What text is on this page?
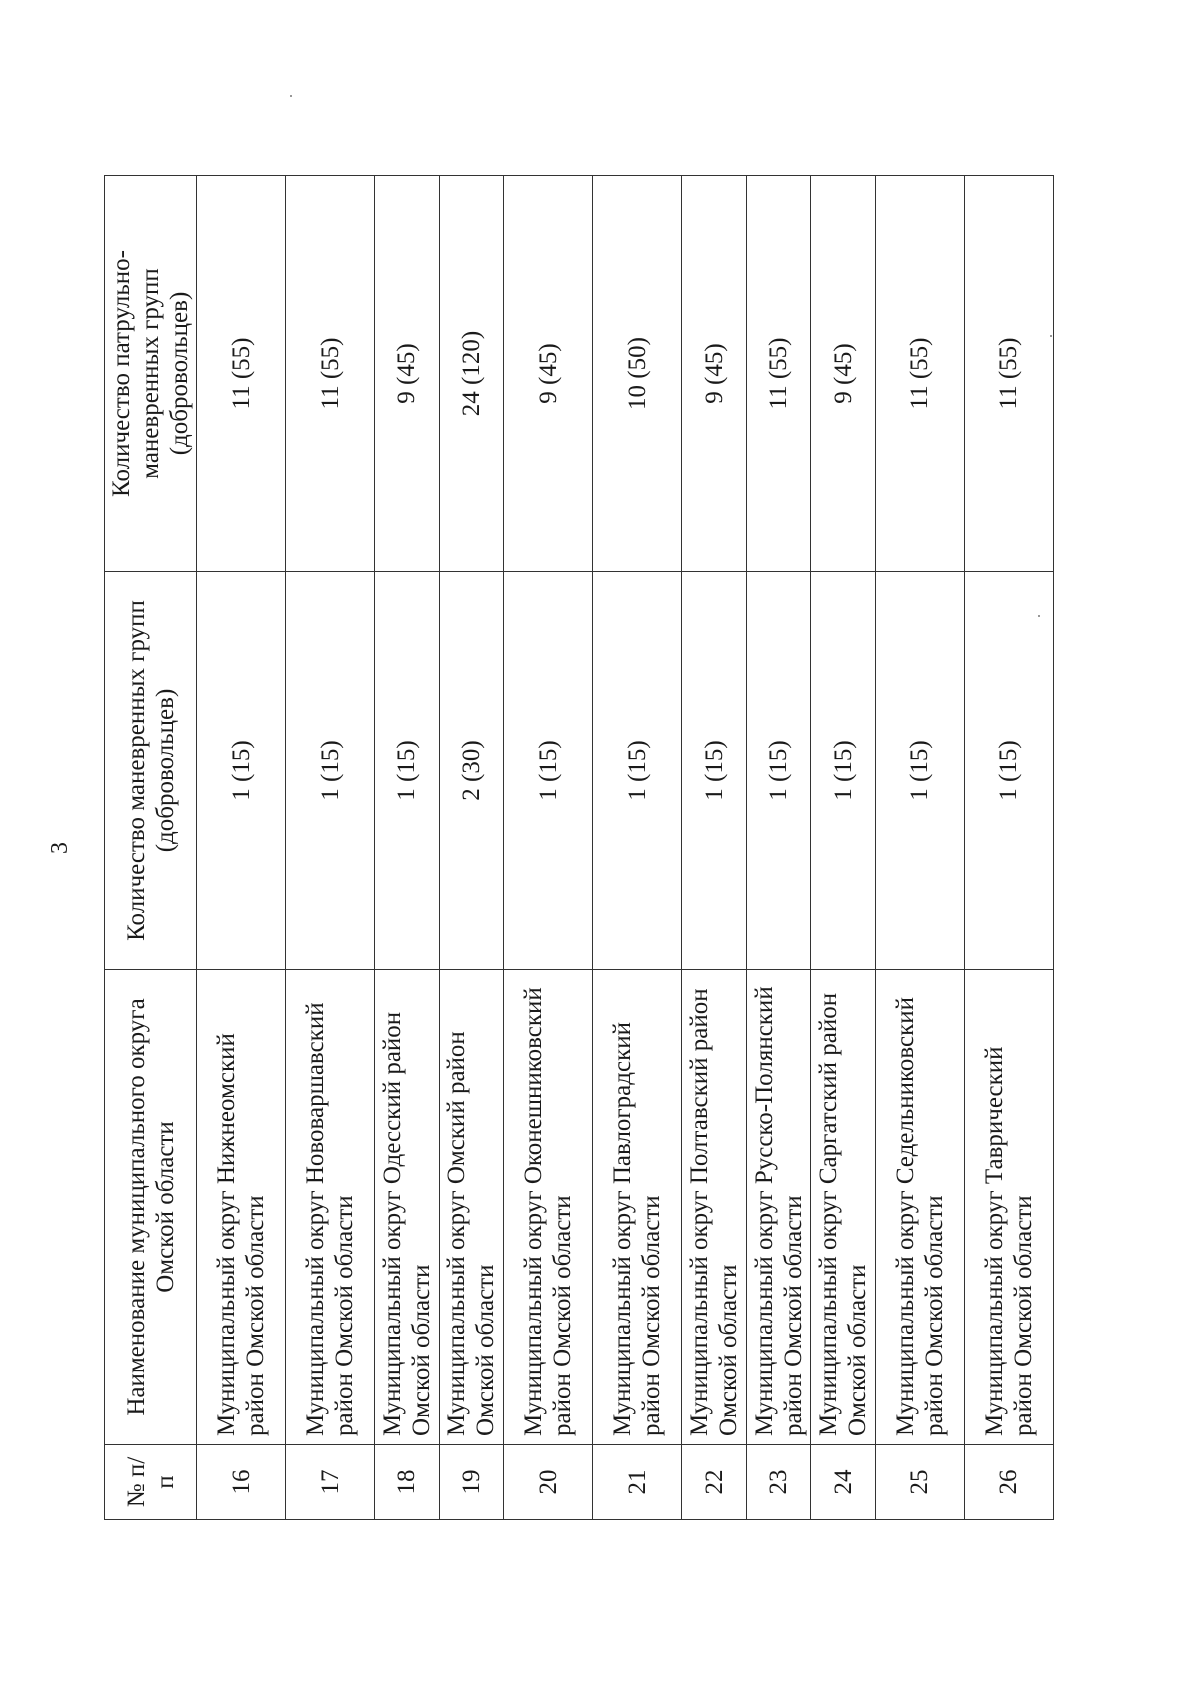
3
№ п/п	Наименование муниципального округа Омской области	Количество маневренных групп (добровольцев)	Количество патрульно-маневренных групп (добровольцев)
16	Муниципальный округ Нижнеомский район Омской области	1 (15)	11 (55)
17	Муниципальный округ Нововаршавский район Омской области	1 (15)	11 (55)
18	Муниципальный округ Одесский район Омской области	1 (15)	9 (45)
19	Муниципальный округ Омский район Омской области	2 (30)	24 (120)
20	Муниципальный округ Оконешниковский район Омской области	1 (15)	9 (45)
21	Муниципальный округ Павлоградский район Омской области	1 (15)	10 (50)
22	Муниципальный округ Полтавский район Омской области	1 (15)	9 (45)
23	Муниципальный округ Русско-Полянский район Омской области	1 (15)	11 (55)
24	Муниципальный округ Саргатский район Омской области	1 (15)	9 (45)
25	Муниципальный округ Седельниковский район Омской области	1 (15)	11 (55)
26	Муниципальный округ Таврический район Омской области	1 (15)	11 (55)
